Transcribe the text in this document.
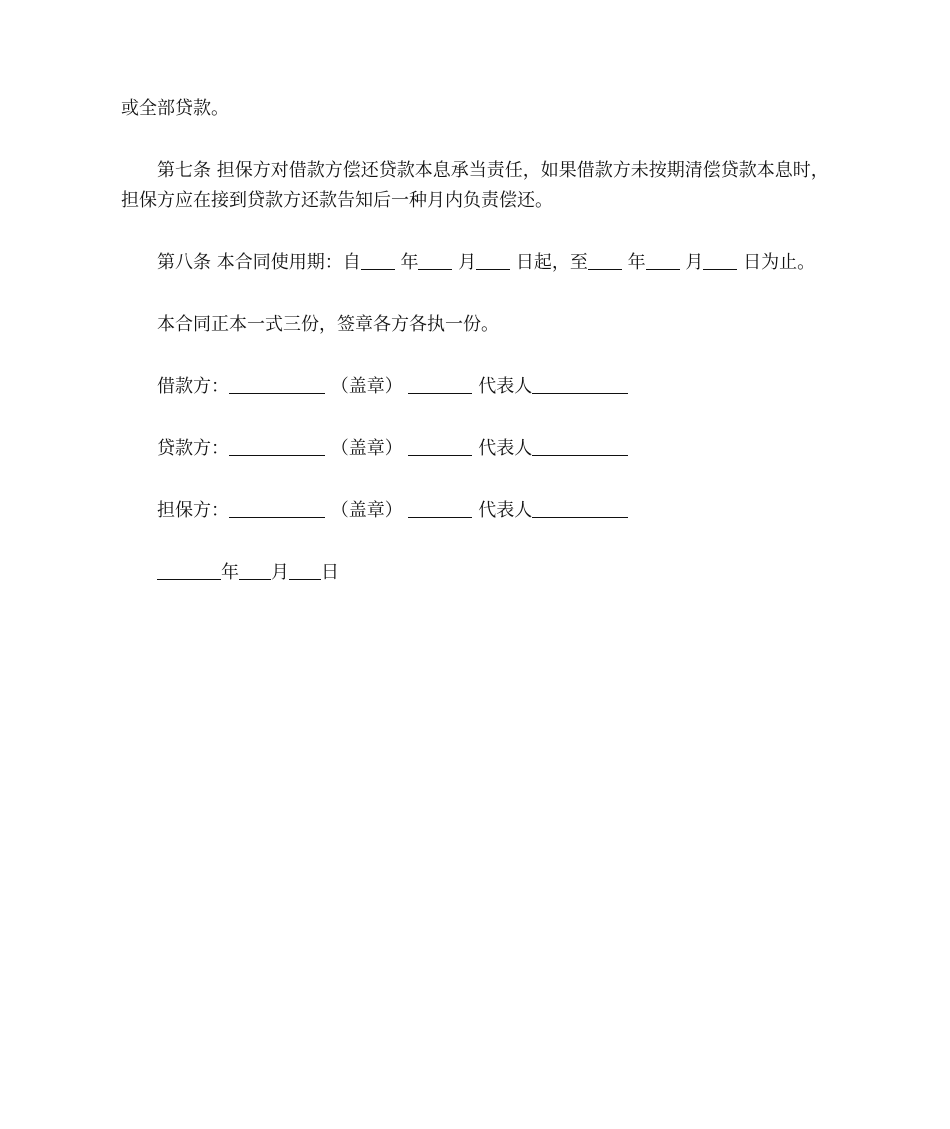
或全部贷款。
第七条 担保方对借款方偿还贷款本息承当责任，如果借款方未按期清偿贷款本息时，
担保方应在接到贷款方还款告知后一种月内负责偿还。
第八条 本合同使用期：自 年 月 日起，至 年 月 日为止。
本合同正本一式三份，签章各方各执一份。
借款方：	（盖章）	代表人
贷款方：	（盖章）	代表人
担保方：	（盖章）	代表人
年 月 日
